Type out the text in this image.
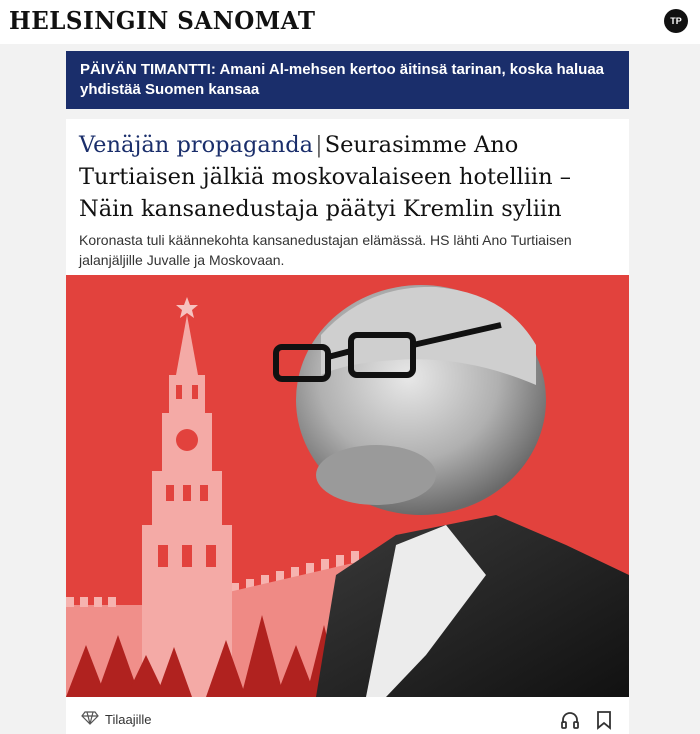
HELSINGIN SANOMAT	TP
PÄIVÄN TIMANTTI: Amani Al-mehsen kertoo äitinsä tarinan, koska haluaa yhdistää Suomen kansaa
Venäjän propaganda|Seurasimme Ano Turtiaisen jälkiä moskovalaiseen hotelliin – Näin kansanedustaja päätyi Kremlin syliin
Koronasta tuli käännekohta kansanedustajan elämässä. HS lähti Ano Turtiaisen jalanjäljille Juvalle ja Moskovaan.
Tilaajille
